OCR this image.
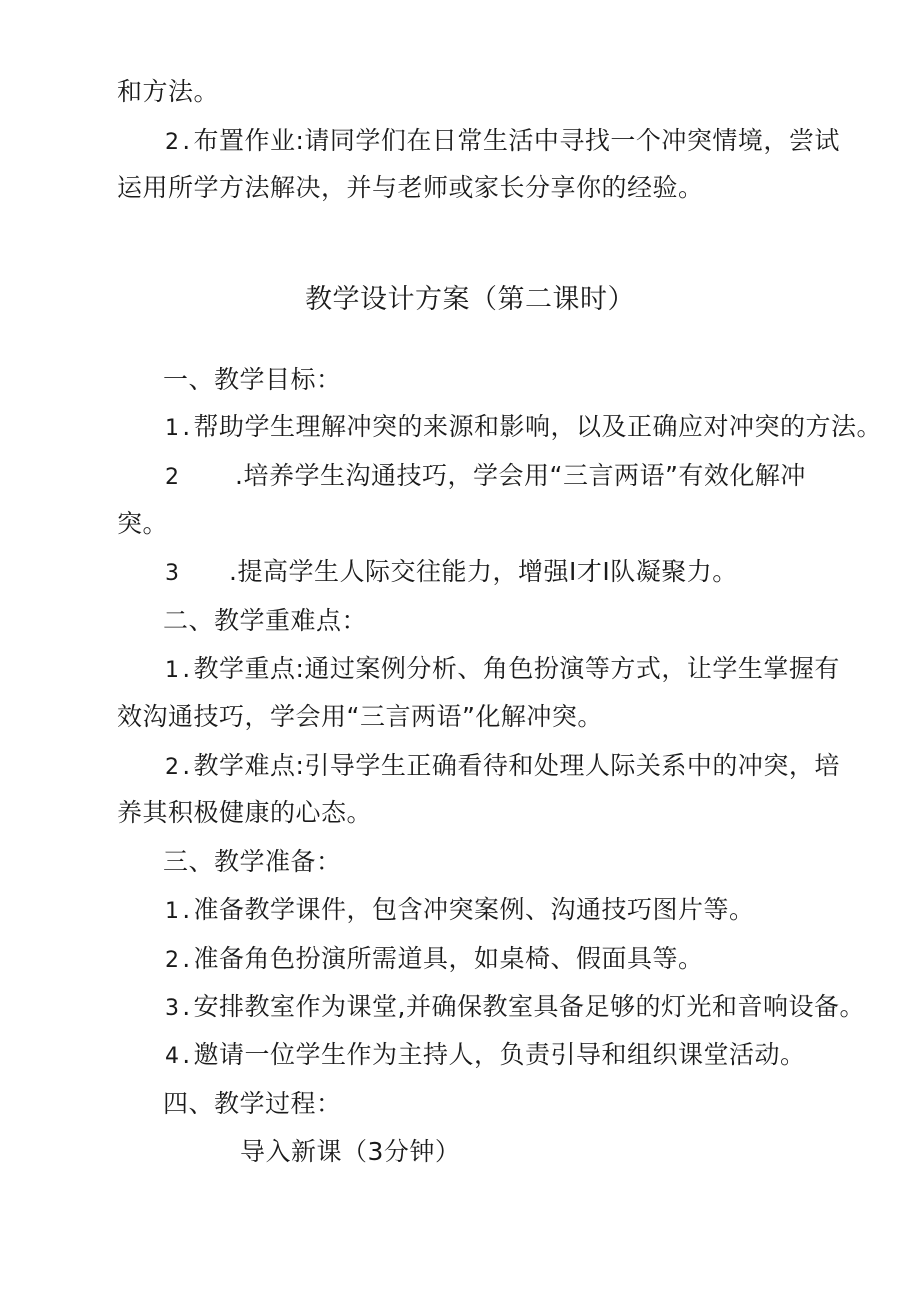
和方法。
2 . 布置作业:请同学们在日常生活中寻找一个冲突情境，尝试
运用所学方法解决，并与老师或家长分享你的经验。
教学设计方案（第二课时）
一、教学目标：
1 . 帮助学生理解冲突的来源和影响，以及正确应对冲突的方法。
2 .培养学生沟通技巧，学会用“三言两语”有效化解冲
突。
3 .提高学生人际交往能力，增强I才I队凝聚力。
二、教学重难点：
1 . 教学重点:通过案例分析、角色扮演等方式，让学生掌握有
效沟通技巧，学会用“三言两语”化解冲突。
2 . 教学难点:引导学生正确看待和处理人际关系中的冲突，培
养其积极健康的心态。
三、教学准备：
1 . 准备教学课件，包含冲突案例、沟通技巧图片等。
2 . 准备角色扮演所需道具，如桌椅、假面具等。
3 . 安排教室作为课堂,并确保教室具备足够的灯光和音响设备。
4 . 邀请一位学生作为主持人，负责引导和组织课堂活动。
四、教学过程：
导入新课（3分钟）
